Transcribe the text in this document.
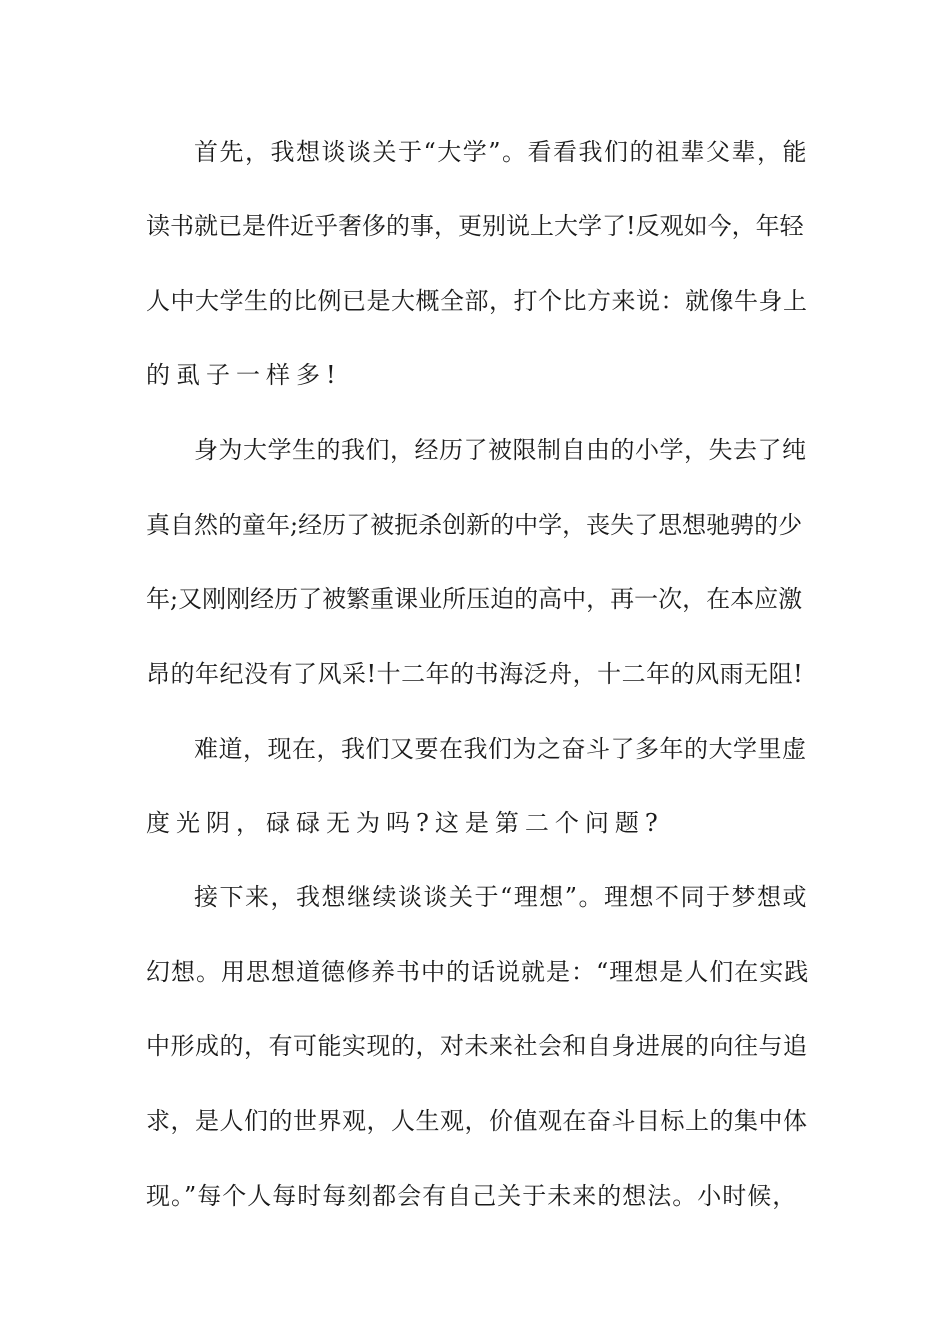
首先，我想谈谈关于“大学”。看看我们的祖辈父辈，能
读书就已是件近乎奢侈的事，更别说上大学了!反观如今，年轻
人中大学生的比例已是大概全部，打个比方来说：就像牛身上
的虱子一样多!
身为大学生的我们，经历了被限制自由的小学，失去了纯
真自然的童年;经历了被扼杀创新的中学，丧失了思想驰骋的少
年;又刚刚经历了被繁重课业所压迫的高中，再一次，在本应激
昂的年纪没有了风采!十二年的书海泛舟，十二年的风雨无阻!
难道，现在，我们又要在我们为之奋斗了多年的大学里虚
度光阴，碌碌无为吗?这是第二个问题?
接下来，我想继续谈谈关于“理想”。理想不同于梦想或
幻想。用思想道德修养书中的话说就是：“理想是人们在实践
中形成的，有可能实现的，对未来社会和自身进展的向往与追
求，是人们的世界观，人生观，价值观在奋斗目标上的集中体
现。”每个人每时每刻都会有自己关于未来的想法。小时候，
